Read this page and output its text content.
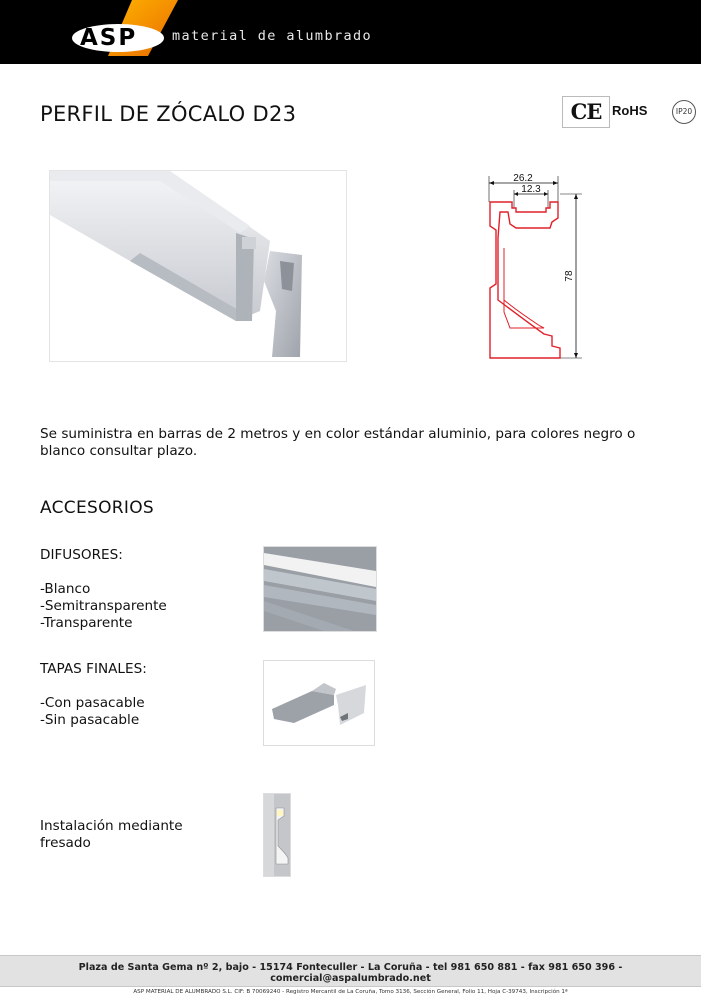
ASP	material de alumbrado
PERFIL DE ZÓCALO D23	CE RoHS	IP20
26.2
12.3
78
Se suministra en barras de 2 metros y en color estándar aluminio, para colores negro o blanco consultar plazo.
ACCESORIOS
DIFUSORES:
-Blanco
-Semitransparente
-Transparente
TAPAS FINALES:
-Con pasacable
-Sin pasacable
Instalación mediante
fresado
Plaza de Santa Gema nº 2, bajo - 15174 Fonteculler - La Coruña - tel 981 650 881 - fax 981 650 396 - comercial@aspalumbrado.net
ASP MATERIAL DE ALUMBRADO S.L. CIF: B 70069240 - Registro Mercantil de La Coruña, Tomo 3136, Sección General, Folio 11, Hoja C-39743, Inscripción 1ª
